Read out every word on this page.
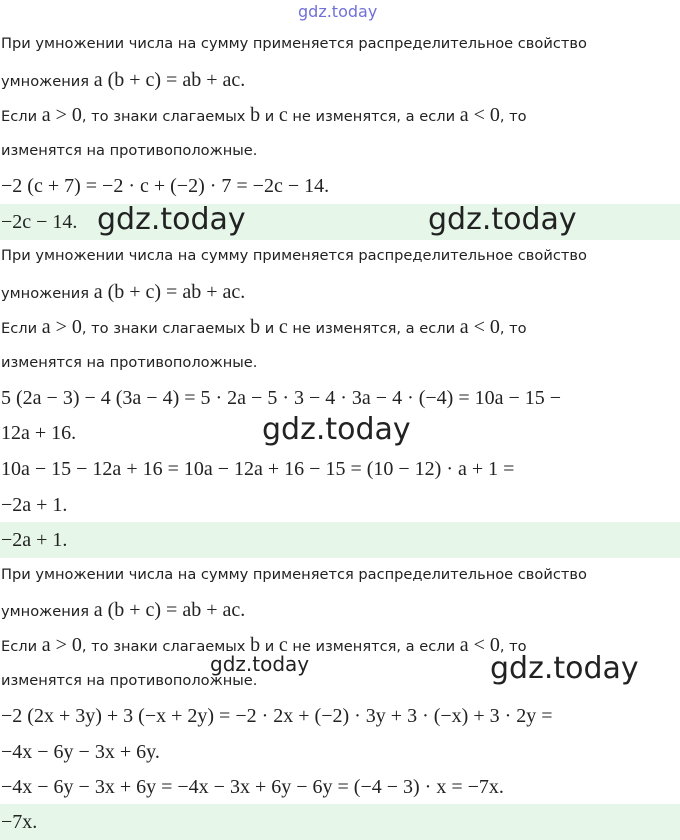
При умножении числа на сумму применяется распределительное свойство
умножения a (b + c) = ab + ac.
Если a > 0, то знаки слагаемых b и c не изменятся, а если a < 0, то
изменятся на противоположные.
−2 (c + 7) = −2 · c + (−2) · 7 = −2c − 14.
−2c − 14.
При умножении числа на сумму применяется распределительное свойство
умножения a (b + c) = ab + ac.
Если a > 0, то знаки слагаемых b и c не изменятся, а если a < 0, то
изменятся на противоположные.
5 (2a − 3) − 4 (3a − 4) = 5 · 2a − 5 · 3 − 4 · 3a − 4 · (−4) = 10a − 15 −
12a + 16.
10a − 15 − 12a + 16 = 10a − 12a + 16 − 15 = (10 − 12) · a + 1 =
−2a + 1.
−2a + 1.
При умножении числа на сумму применяется распределительное свойство
умножения a (b + c) = ab + ac.
Если a > 0, то знаки слагаемых b и c не изменятся, а если a < 0, то
изменятся на противоположные.
−2 (2x + 3y) + 3 (−x + 2y) = −2 · 2x + (−2) · 3y + 3 · (−x) + 3 · 2y =
−4x − 6y − 3x + 6y.
−4x − 6y − 3x + 6y = −4x − 3x + 6y − 6y = (−4 − 3) · x = −7x.
−7x.
gdz.today
gdz.today	gdz.today
gdz.today
gdz.today	gdz.today
